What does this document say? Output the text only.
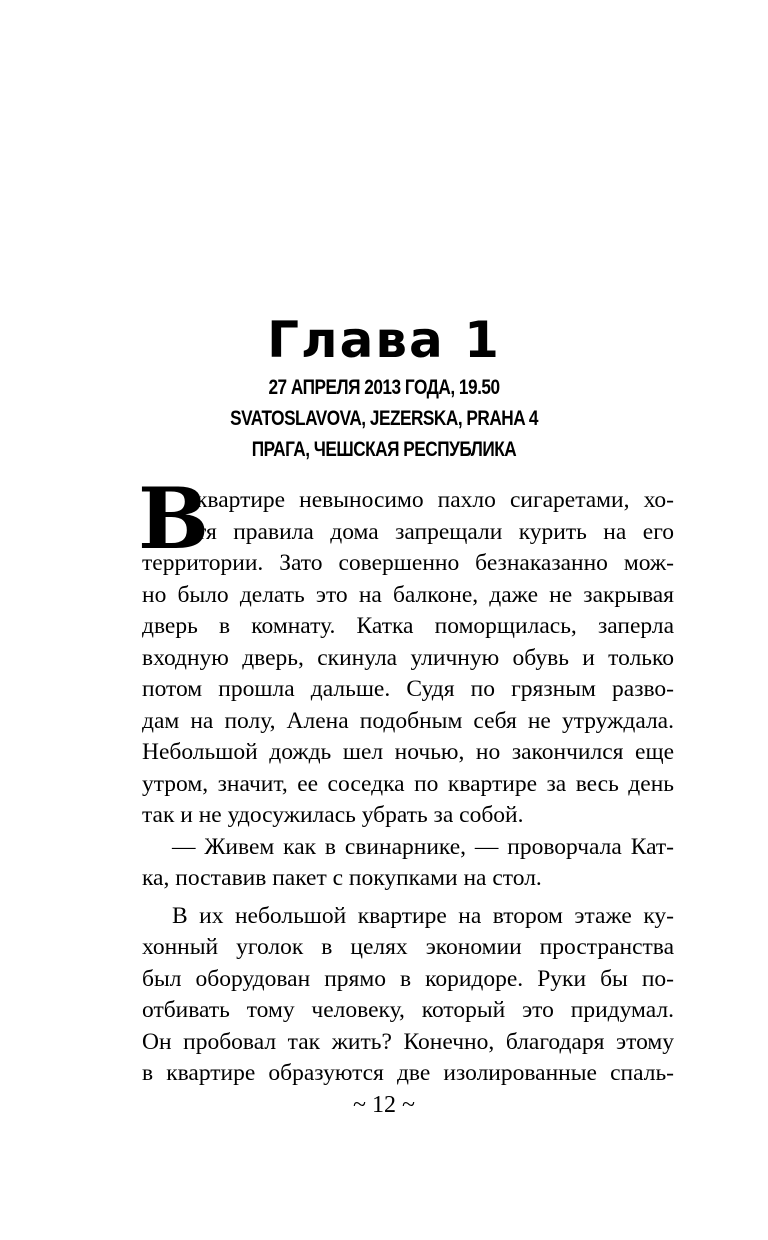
Глава 1
27 АПРЕЛЯ 2013 ГОДА, 19.50
SVATOSLAVOVA, JEZERSKA, PRAHA 4
ПРАГА, ЧЕШСКАЯ РЕСПУБЛИКА
В
квартире невыносимо пахло сигаретами, хо-
тя правила дома запрещали курить на его
территории. Зато совершенно безнаказанно мож-
но было делать это на балконе, даже не закрывая
дверь в комнату. Катка поморщилась, заперла
входную дверь, скинула уличную обувь и только
потом прошла дальше. Судя по грязным разво-
дам на полу, Алена подобным себя не утруждала.
Небольшой дождь шел ночью, но закончился еще
утром, значит, ее соседка по квартире за весь день
так и не удосужилась убрать за собой.
— Живем как в свинарнике, — проворчала Кат-
ка, поставив пакет с покупками на стол.
В их небольшой квартире на втором этаже ку-
хонный уголок в целях экономии пространства
был оборудован прямо в коридоре. Руки бы по-
отбивать тому человеку, который это придумал.
Он пробовал так жить? Конечно, благодаря этому
в квартире образуются две изолированные спаль-
~ 12 ~
